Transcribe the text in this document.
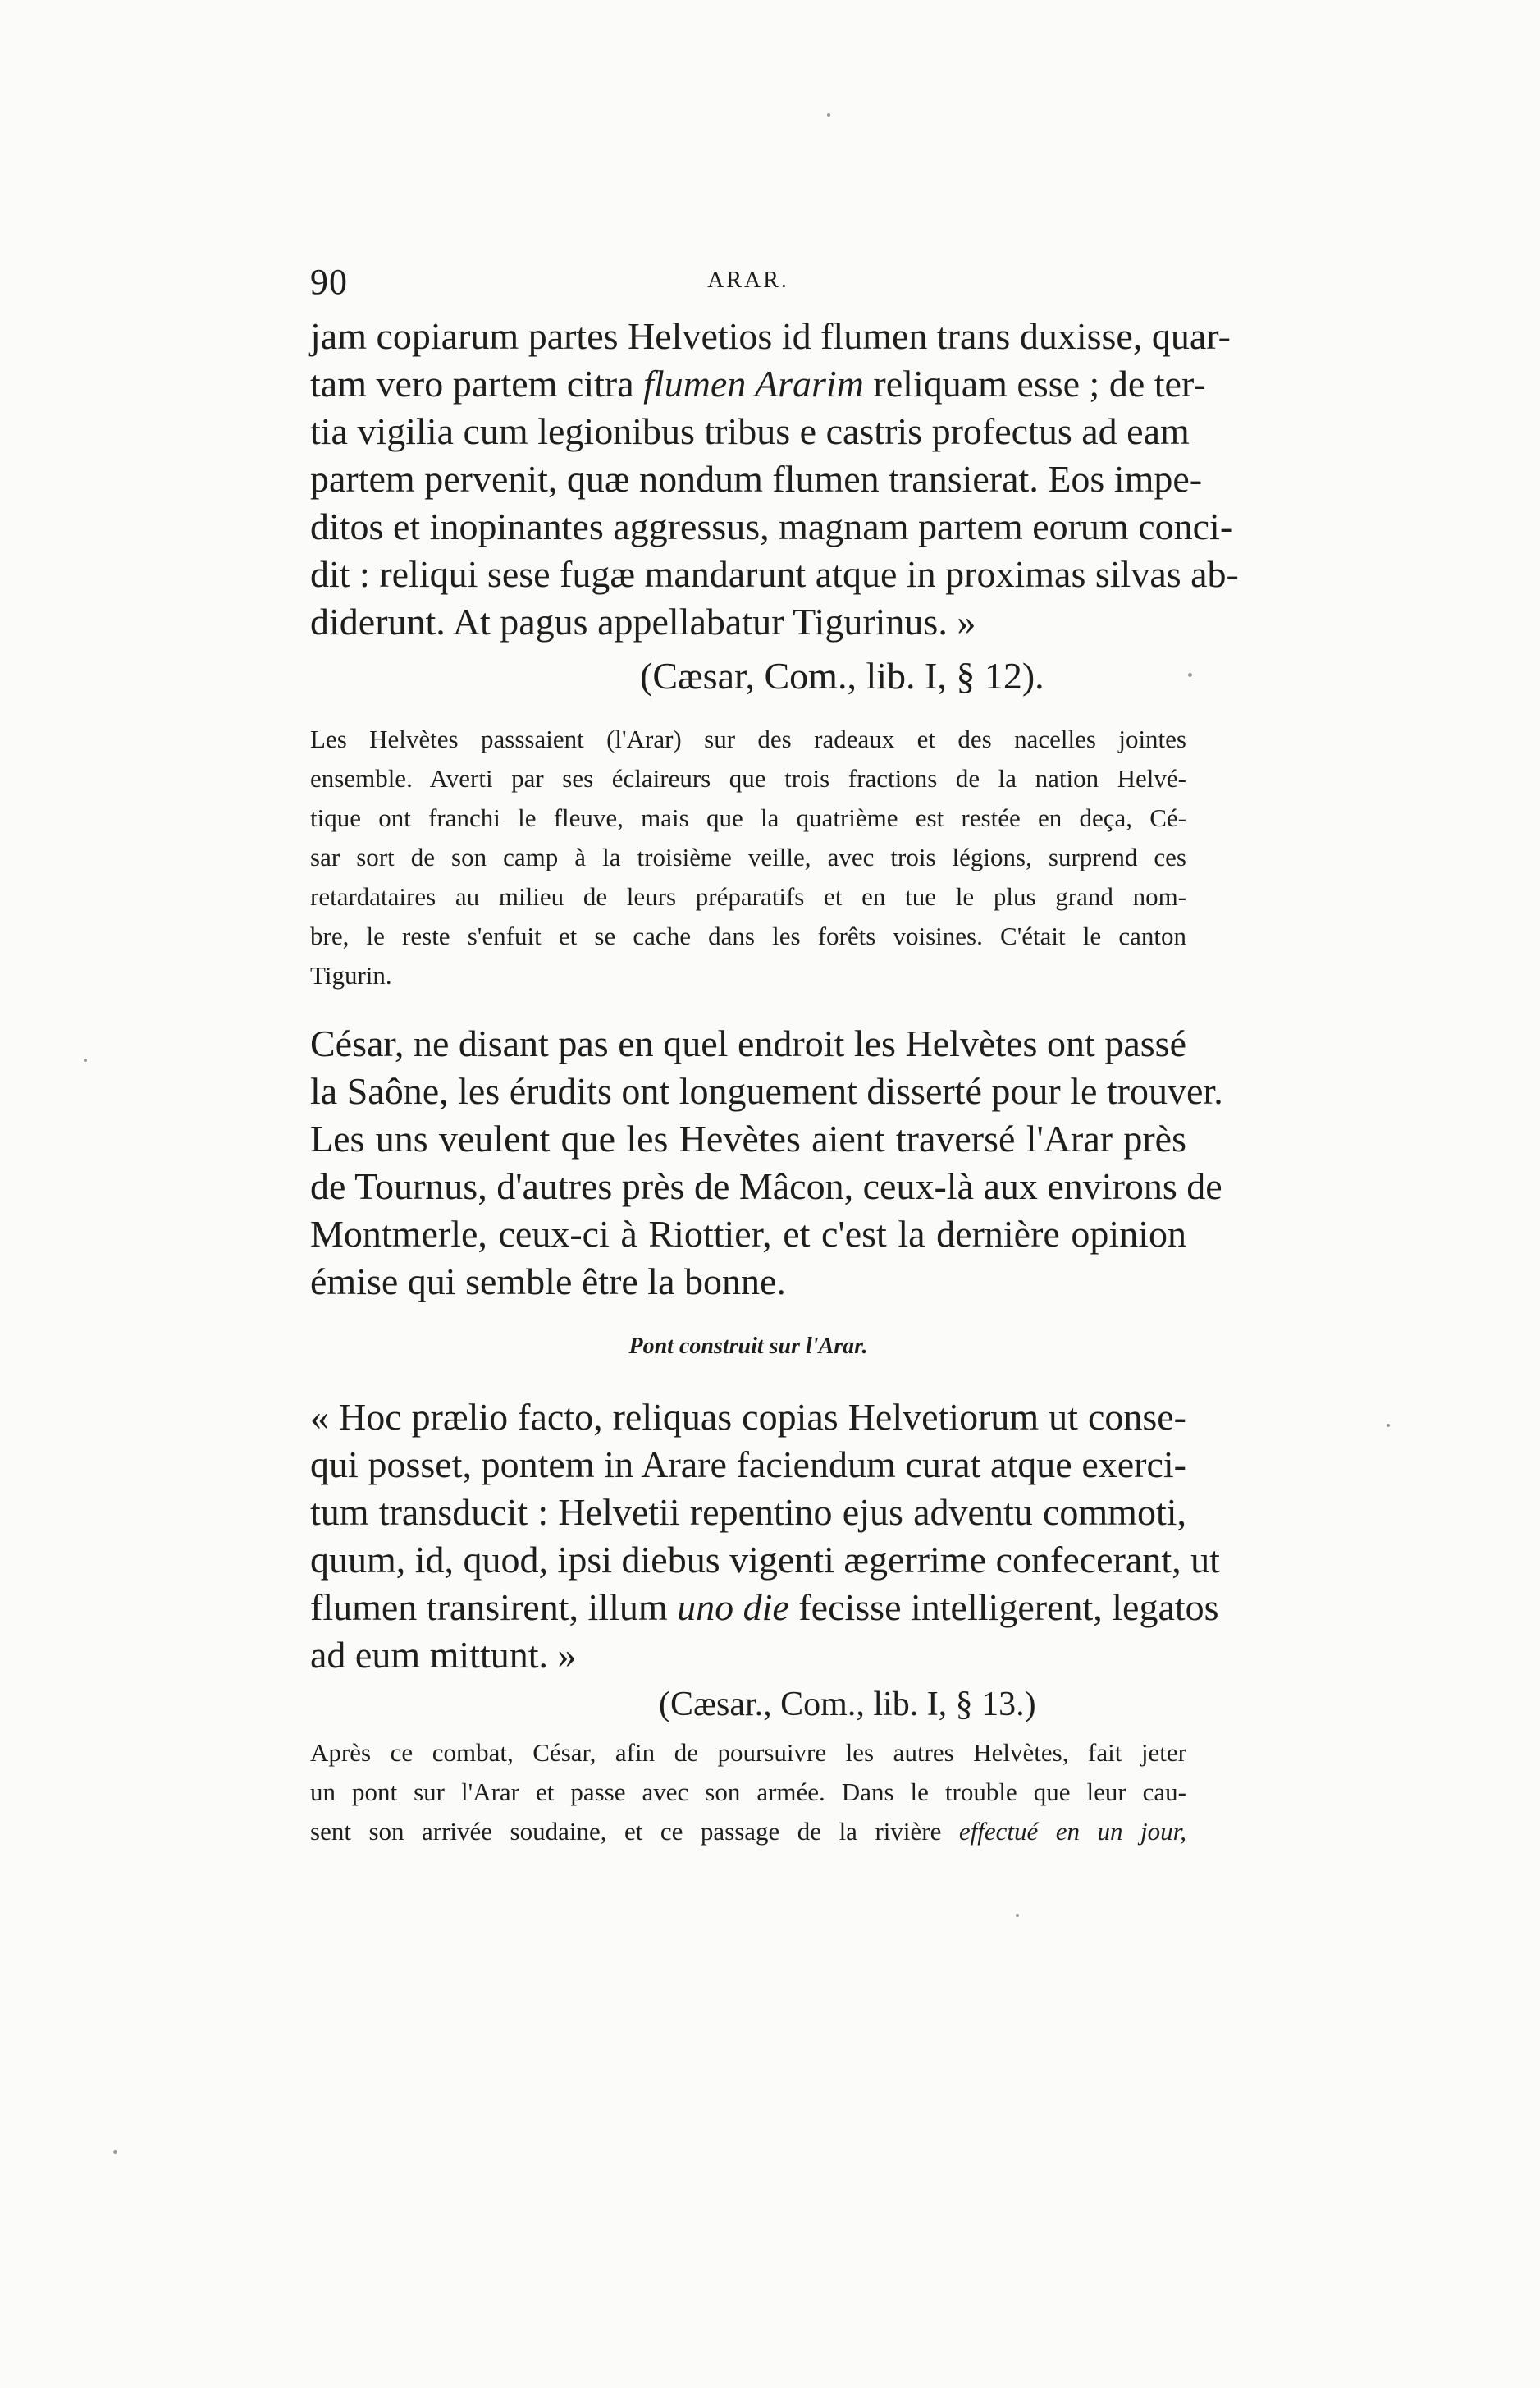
90	ARAR.
jam copiarum partes Helvetios id flumen trans duxisse, quar-
tam vero partem citra flumen Ararim reliquam esse ; de ter-
tia vigilia cum legionibus tribus e castris profectus ad eam
partem pervenit, quæ nondum flumen transierat. Eos impe-
ditos et inopinantes aggressus, magnam partem eorum conci-
dit : reliqui sese fugæ mandarunt atque in proximas silvas ab-
diderunt. At pagus appellabatur Tigurinus. »
(Cæsar, Com., lib. I, § 12).
Les Helvètes passsaient (l'Arar) sur des radeaux et des nacelles jointes
ensemble. Averti par ses éclaireurs que trois fractions de la nation Helvé-
tique ont franchi le fleuve, mais que la quatrième est restée en deça, Cé-
sar sort de son camp à la troisième veille, avec trois légions, surprend ces
retardataires au milieu de leurs préparatifs et en tue le plus grand nom-
bre, le reste s'enfuit et se cache dans les forêts voisines. C'était le canton
Tigurin.
César, ne disant pas en quel endroit les Helvètes ont passé
la Saône, les érudits ont longuement disserté pour le trouver.
Les uns veulent que les Hevètes aient traversé l'Arar près
de Tournus, d'autres près de Mâcon, ceux-là aux environs de
Montmerle, ceux-ci à Riottier, et c'est la dernière opinion
émise qui semble être la bonne.
Pont construit sur l'Arar.
« Hoc prælio facto, reliquas copias Helvetiorum ut conse-
qui posset, pontem in Arare faciendum curat atque exerci-
tum transducit : Helvetii repentino ejus adventu commoti,
quum, id, quod, ipsi diebus vigenti ægerrime confecerant, ut
flumen transirent, illum uno die fecisse intelligerent, legatos
ad eum mittunt. »
(Cæsar., Com., lib. I, § 13.)
Après ce combat, César, afin de poursuivre les autres Helvètes, fait jeter
un pont sur l'Arar et passe avec son armée. Dans le trouble que leur cau-
sent son arrivée soudaine, et ce passage de la rivière effectué en un jour,
